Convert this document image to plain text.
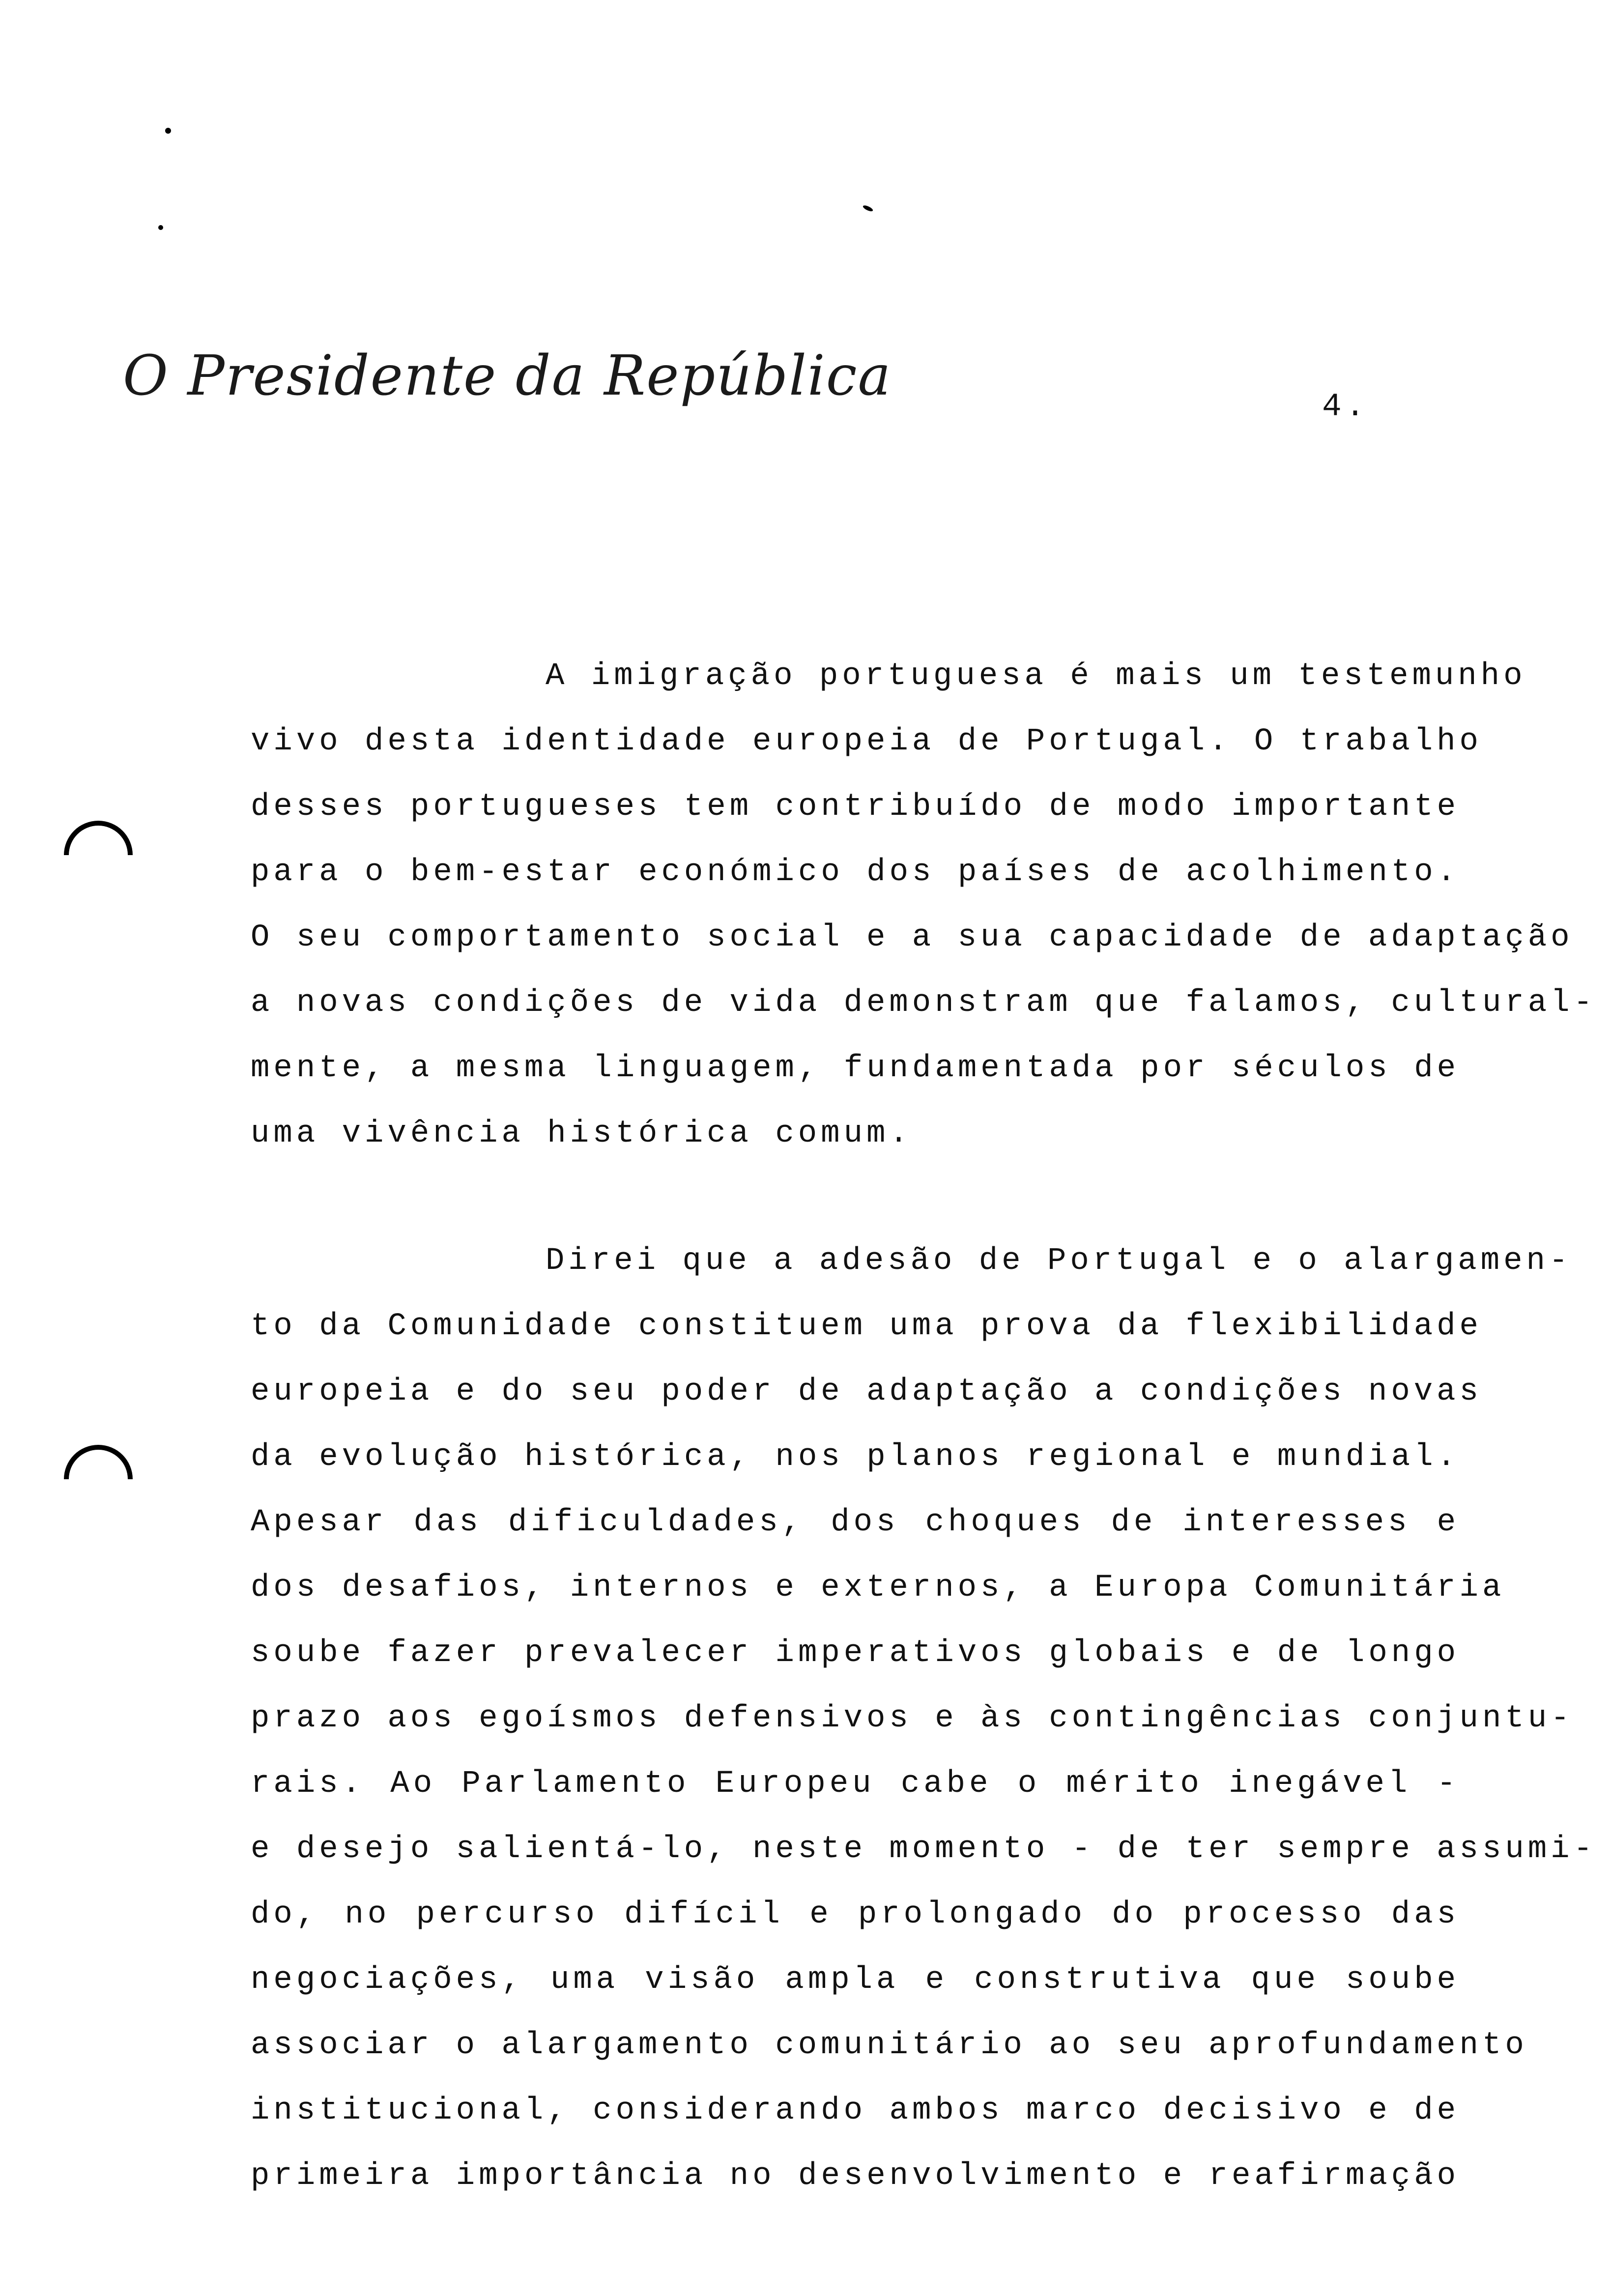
O Presidente da República	4.
A imigração portuguesa é mais um testemunho
vivo desta identidade europeia de Portugal. O trabalho
desses portugueses tem contribuído de modo importante
para o bem-estar económico dos países de acolhimento.
O seu comportamento social e a sua capacidade de adaptação
a novas condições de vida demonstram que falamos, cultural-
mente, a mesma linguagem, fundamentada por séculos de
uma vivência histórica comum.
Direi que a adesão de Portugal e o alargamen-
to da Comunidade constituem uma prova da flexibilidade
europeia e do seu poder de adaptação a condições novas
da evolução histórica, nos planos regional e mundial.
Apesar das dificuldades, dos choques de interesses e
dos desafios, internos e externos, a Europa Comunitária
soube fazer prevalecer imperativos globais e de longo
prazo aos egoísmos defensivos e às contingências conjuntu-
rais. Ao Parlamento Europeu cabe o mérito inegável -
e desejo salientá-lo, neste momento - de ter sempre assumi-
do, no percurso difícil e prolongado do processo das
negociações, uma visão ampla e construtiva que soube
associar o alargamento comunitário ao seu aprofundamento
institucional, considerando ambos marco decisivo e de
primeira importância no desenvolvimento e reafirmação
